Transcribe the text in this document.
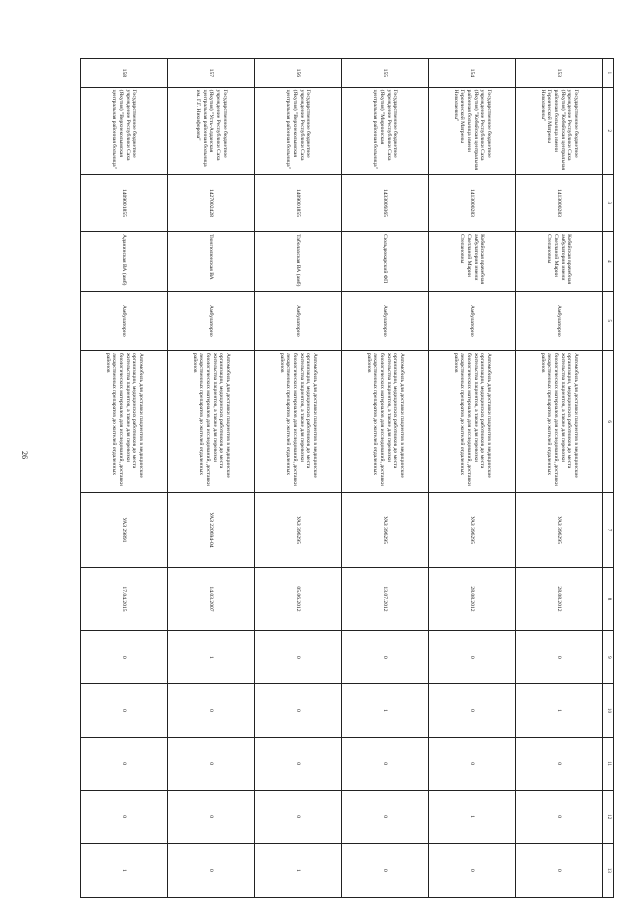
26
1	2	3	4	5	6	7	8	9	10	11	12	13
153	Государственное бюджетное учреждение Республики Саха (Якутия) "Кобяйская центральная районная больница имени Героической Матрены Николаевны"	1413000283	Кобяйская врачебная амбулатория имени Светланой Марии Степановны	Амбулаторно	Автомобиль для доставки пациентов в медицинские организации, медицинских работников до места жительства пациентов, а также для перевозки биологических материалов для исследований, доставки лекарственных препаратов до жителей отдаленных районов	УАЗ 396295	28.08.2012	0	1	0	0	0
154	Государственное бюджетное учреждение Республики Саха (Якутия) "Кобяйская центральная районная больница имени Героической Матрены Николаевны"	1413000283	Кобяйская врачебная амбулатория имени Светланой Марии Степановны	Амбулаторно	Автомобиль для доставки пациентов в медицинские организации, медицинских работников до места жительства пациентов, а также для перевозки биологических материалов для исследований, доставки лекарственных препаратов до жителей отдаленных районов	УАЗ 396295	28.08.2012	0	0	0	1	0
155	Государственное бюджетное учреждение Республики Саха (Якутия) "Мирнинская центральная районная больница"	1433009365	Сюльдюкарский ФП	Амбулаторно	Автомобиль для доставки пациентов в медицинские организации, медицинских работников до места жительства пациентов, а также для перевозки биологических материалов для исследований, доставки лекарственных препаратов до жителей отдаленных районов	УАЗ 396295	13.07.2012	0	1	0	0	0
156	Государственное бюджетное учреждение Республики Саха (Якутия) "Верхнеколымская центральная районная больница"	1409001855	Таболахская ВА (амб)	Амбулаторно	Автомобиль для доставки пациентов в медицинские организации, медицинских работников до места жительства пациентов, а также для перевозки биологических материалов для исследований, доставки лекарственных препаратов до жителей отдаленных районов	УАЗ 396295	05.06.2012	0	0	0	0	1
157	Государственное бюджетное учреждение Республики Саха (Якутия) "Усть-Алданская центральная районная больница им. Г.Г. Никифорова"	1427002428	Тюнгюлюнская ВА	Амбулаторно	Автомобиль для доставки пациентов в медицинские организации, медицинских работников до места жительства пациентов, а также для перевозки биологических материалов для исследований, доставки лекарственных препаратов до жителей отдаленных районов	УАЗ 220694-04	14.03.2007	1	0	0	0	0
158	Государственное бюджетное учреждение Республики Саха (Якутия) "Верхнеколымская центральная районная больница"	1409001855	Аданинская ВА (амб)	Амбулаторно	Автомобиль для доставки пациентов в медицинские организации, медицинских работников до места жительства пациентов, а также для перевозки биологических материалов для исследований, доставки лекарственных препаратов до жителей отдаленных районов	УАЗ 29891	17.04.2015	0	0	0	0	1
